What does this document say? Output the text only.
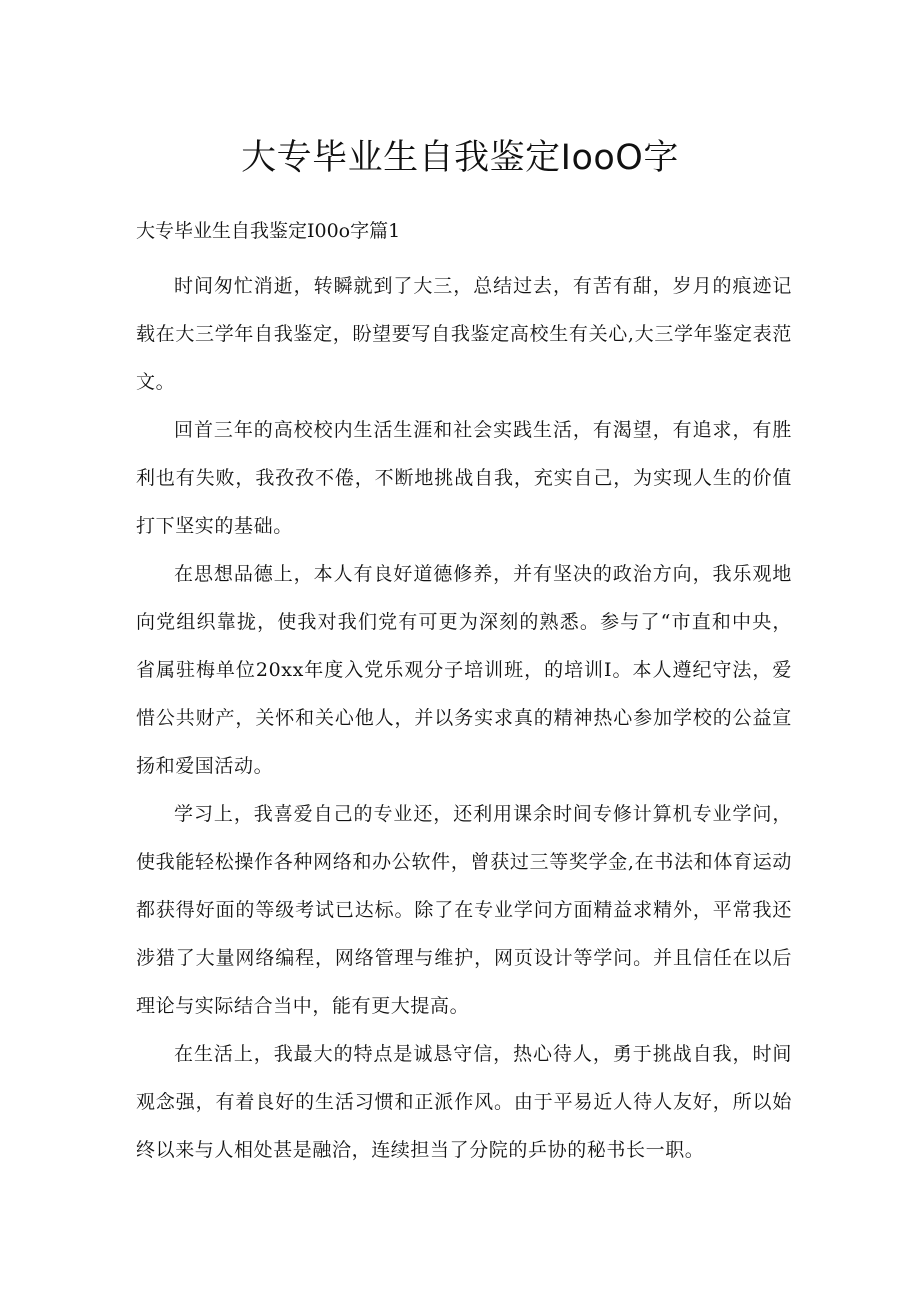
大专毕业生自我鉴定IooO字
大专毕业生自我鉴定I00o字篇1

时间匆忙消逝，转瞬就到了大三，总结过去，有苦有甜，岁月的痕迹记载在大三学年自我鉴定，盼望要写自我鉴定高校生有关心,大三学年鉴定表范文。

回首三年的高校校内生活生涯和社会实践生活，有渴望，有追求，有胜利也有失败，我孜孜不倦，不断地挑战自我，充实自己，为实现人生的价值打下坚实的基础。

在思想品德上，本人有良好道德修养，并有坚决的政治方向，我乐观地向党组织靠拢，使我对我们党有可更为深刻的熟悉。参与了“市直和中央，省属驻梅单位20xx年度入党乐观分子培训班，的培训I。本人遵纪守法，爱惜公共财产，关怀和关心他人，并以务实求真的精神热心参加学校的公益宣扬和爱国活动。

学习上，我喜爱自己的专业还，还利用课余时间专修计算机专业学问，使我能轻松操作各种网络和办公软件，曾获过三等奖学金,在书法和体育运动都获得好面的等级考试已达标。除了在专业学问方面精益求精外，平常我还涉猎了大量网络编程，网络管理与维护，网页设计等学问。并且信任在以后理论与实际结合当中，能有更大提高。

在生活上，我最大的特点是诚恳守信，热心待人，勇于挑战自我，时间观念强，有着良好的生活习惯和正派作风。由于平易近人待人友好，所以始终以来与人相处甚是融洽，连续担当了分院的乒协的秘书长一职。
